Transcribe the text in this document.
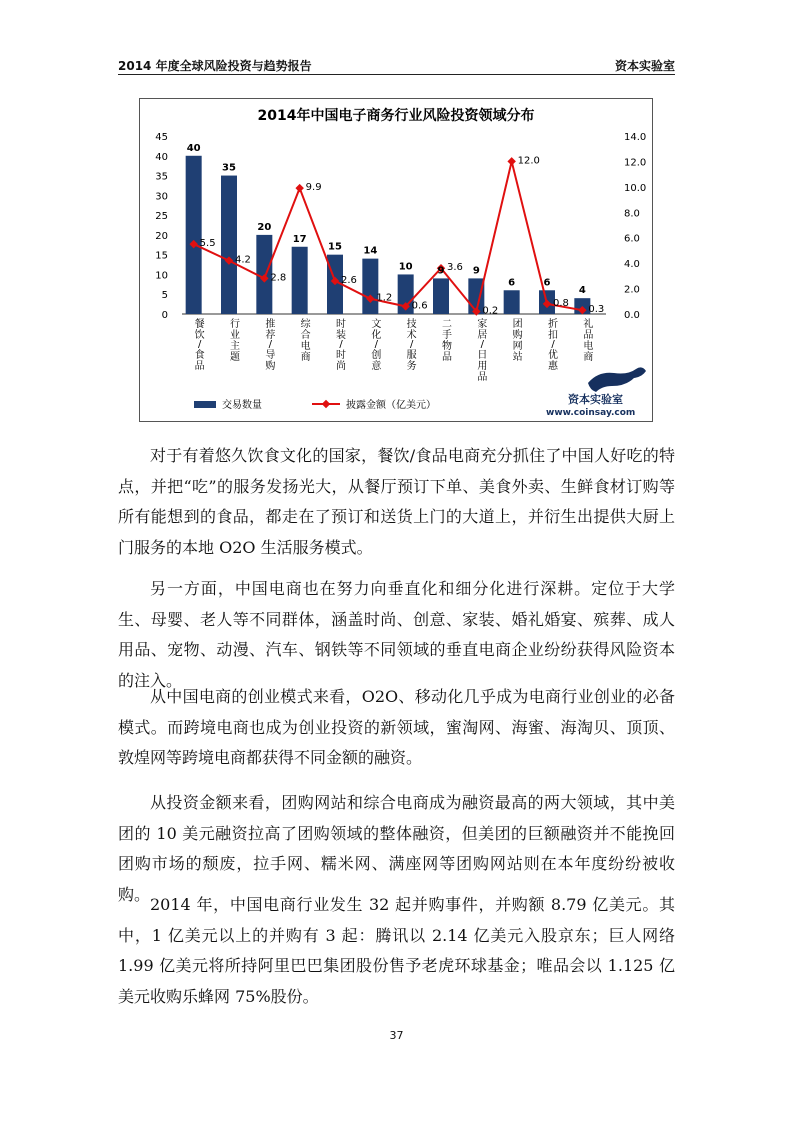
2014 年度全球风险投资与趋势报告	资本实验室
2014年中国电子商务行业风险投资领域分布
0
5
10
15
20
25
30
35
40
45
0.0
2.0
4.0
6.0
8.0
10.0
12.0
14.0
餐饮/食品
行业主题
推荐/导购
综合电商
时装/时尚
文化/创意
技术/服务
二手物品
家居/日用品
团购网站
折扣/优惠
礼品电商
40
35
20
17
15 14
10 9	9
6	6
4
5.5
4.2
2.8
9.9
2.6
1.2
0.6
3.6
0.2
12.0
0.8
0.3
交易数量	披露金额（亿美元）	资本实验室
www.coinsay.com

对于有着悠久饮食文化的国家，餐饮/食品电商充分抓住了中国人好吃的特点，并把“吃”的服务发扬光大，从餐厅预订下单、美食外卖、生鲜食材订购等所有能想到的食品，都走在了预订和送货上门的大道上，并衍生出提供大厨上门服务的本地 O2O 生活服务模式。

另一方面，中国电商也在努力向垂直化和细分化进行深耕。定位于大学生、母婴、老人等不同群体，涵盖时尚、创意、家装、婚礼婚宴、殡葬、成人用品、宠物、动漫、汽车、钢铁等不同领域的垂直电商企业纷纷获得风险资本的注入。

从中国电商的创业模式来看，O2O、移动化几乎成为电商行业创业的必备模式。而跨境电商也成为创业投资的新领域，蜜淘网、海蜜、海淘贝、顶顶、敦煌网等跨境电商都获得不同金额的融资。

从投资金额来看，团购网站和综合电商成为融资最高的两大领域，其中美团的 10 美元融资拉高了团购领域的整体融资，但美团的巨额融资并不能挽回团购市场的颓废，拉手网、糯米网、满座网等团购网站则在本年度纷纷被收购。

2014 年，中国电商行业发生 32 起并购事件，并购额 8.79 亿美元。其中，1 亿美元以上的并购有 3 起：腾讯以 2.14 亿美元入股京东；巨人网络 1.99 亿美元将所持阿里巴巴集团股份售予老虎环球基金；唯品会以 1.125 亿美元收购乐蜂网 75%股份。

37
